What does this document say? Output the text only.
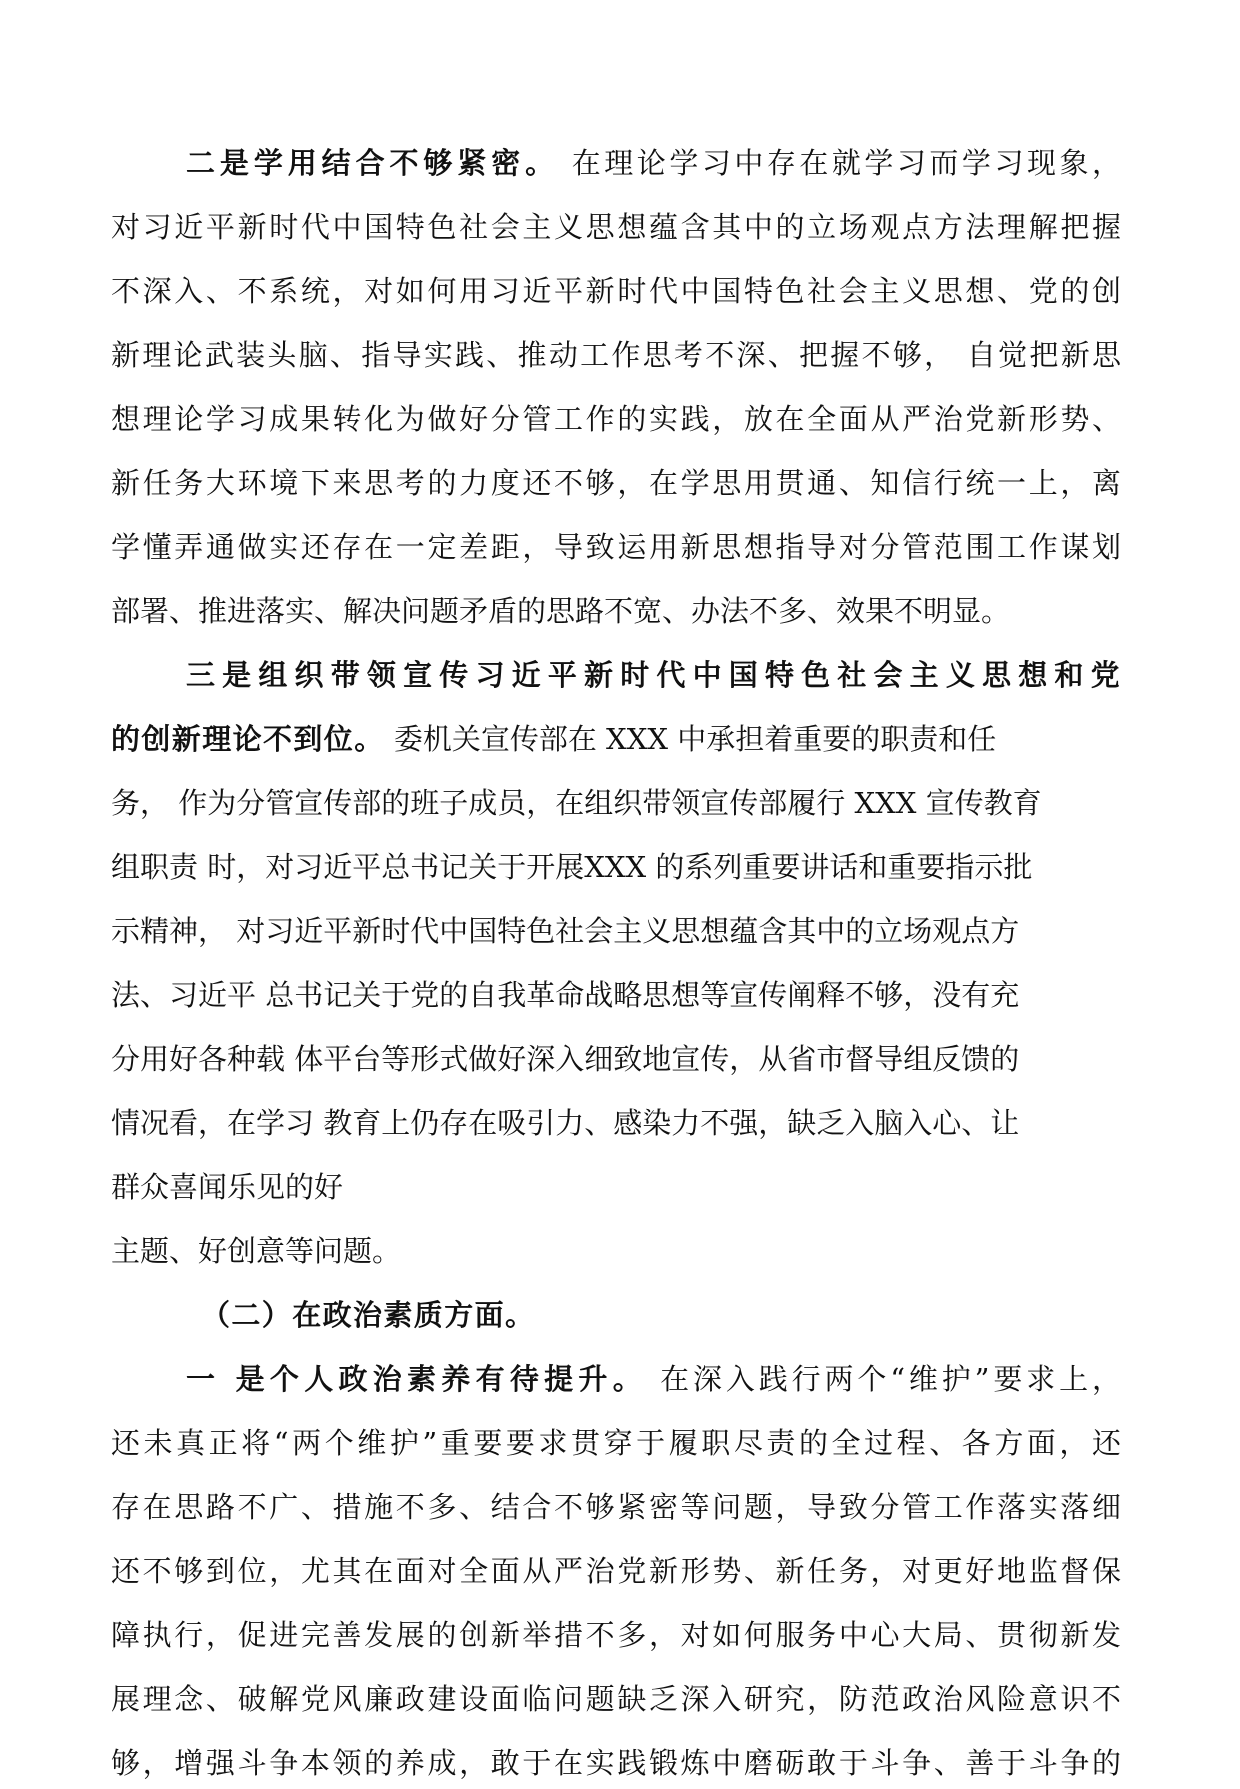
二是学用结合不够紧密。 在理论学习中存在就学习而学习现象，
对习近平新时代中国特色社会主义思想蕴含其中的立场观点方法理解把握
不深入、不系统，对如何用习近平新时代中国特色社会主义思想、党的创
新理论武装头脑、指导实践、推动工作思考不深、把握不够， 自觉把新思
想理论学习成果转化为做好分管工作的实践，放在全面从严治党新形势、
新任务大环境下来思考的力度还不够，在学思用贯通、知信行统一上，离
学懂弄通做实还存在一定差距，导致运用新思想指导对分管范围工作谋划
部署、推进落实、解决问题矛盾的思路不宽、办法不多、效果不明显。
三是组织带领宣传习近平新时代中国特色社会主义思想和党
的创新理论不到位。 委机关宣传部在 XXX 中承担着重要的职责和任
务， 作为分管宣传部的班子成员，在组织带领宣传部履行 XXX 宣传教育
组职责 时，对习近平总书记关于开展XXX 的系列重要讲话和重要指示批
示精神， 对习近平新时代中国特色社会主义思想蕴含其中的立场观点方
法、习近平 总书记关于党的自我革命战略思想等宣传阐释不够，没有充
分用好各种载 体平台等形式做好深入细致地宣传，从省市督导组反馈的
情况看，在学习 教育上仍存在吸引力、感染力不强，缺乏入脑入心、让
群众喜闻乐见的好
主题、好创意等问题。
（二）在政治素质方面。
一 是个人政治素养有待提升。 在深入践行两个“维护”要求上，
还未真正将“两个维护”重要要求贯穿于履职尽责的全过程、各方面，还
存在思路不广、措施不多、结合不够紧密等问题，导致分管工作落实落细
还不够到位，尤其在面对全面从严治党新形势、新任务，对更好地监督保
障执行，促进完善发展的创新举措不多，对如何服务中心大局、贯彻新发
展理念、破解党风廉政建设面临问题缺乏深入研究，防范政治风险意识不
够，增强斗争本领的养成，敢于在实践锻炼中磨砺敢于斗争、善于斗争的
